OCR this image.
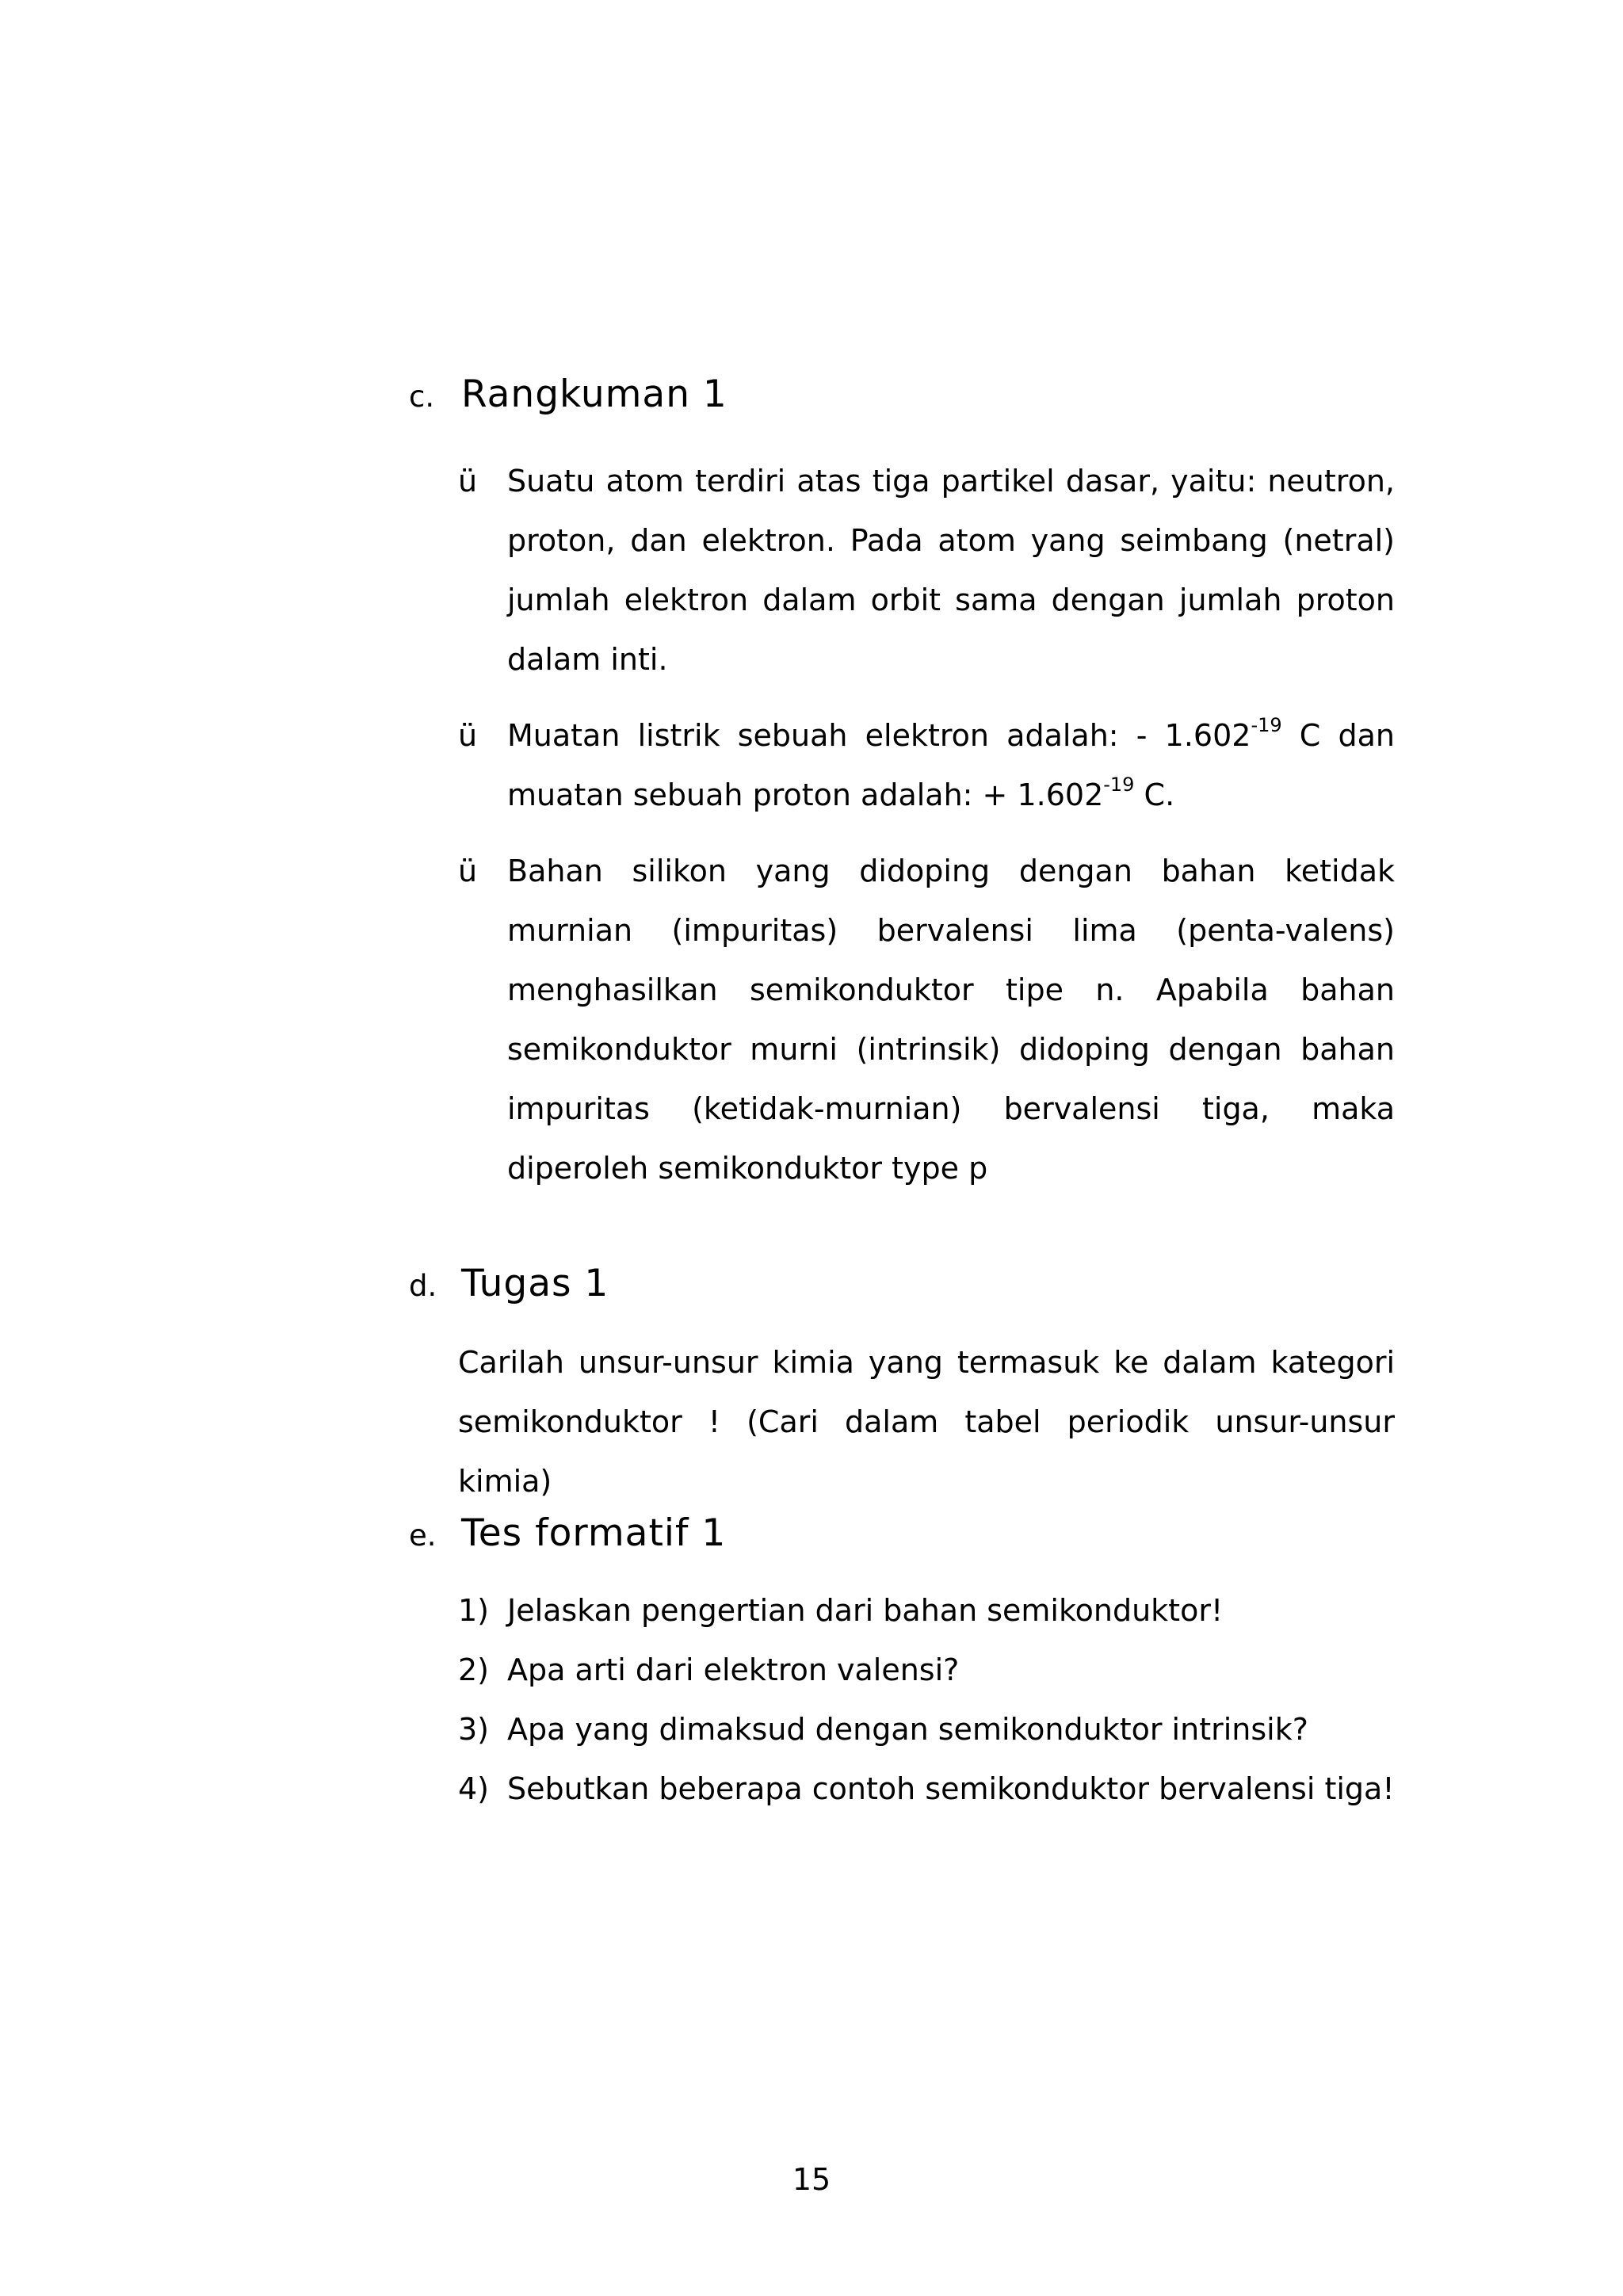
c. Rangkuman 1
ü Suatu atom terdiri atas tiga partikel dasar, yaitu: neutron, proton, dan elektron. Pada atom yang seimbang (netral) jumlah elektron dalam orbit sama dengan jumlah proton dalam inti.

ü Muatan listrik sebuah elektron adalah: - $1.602^{-19}$ C dan muatan sebuah proton adalah: + $1.602^{-19}$ C.

ü Bahan silikon yang didoping dengan bahan ketidak murnian (impuritas) bervalensi lima (penta-valens) menghasilkan semikonduktor tipe n. Apabila bahan semikonduktor murni (intrinsik) didoping dengan bahan impuritas (ketidak-murnian) bervalensi tiga, maka diperoleh semikonduktor type p

d. Tugas 1

Carilah unsur-unsur kimia yang termasuk ke dalam kategori semikonduktor ! (Cari dalam tabel periodik unsur-unsur kimia)

e. Tes formatif 1
1) Jelaskan pengertian dari bahan semikonduktor!
2) Apa arti dari elektron valensi?
3) Apa yang dimaksud dengan semikonduktor intrinsik?
4) Sebutkan beberapa contoh semikonduktor bervalensi tiga!
15
